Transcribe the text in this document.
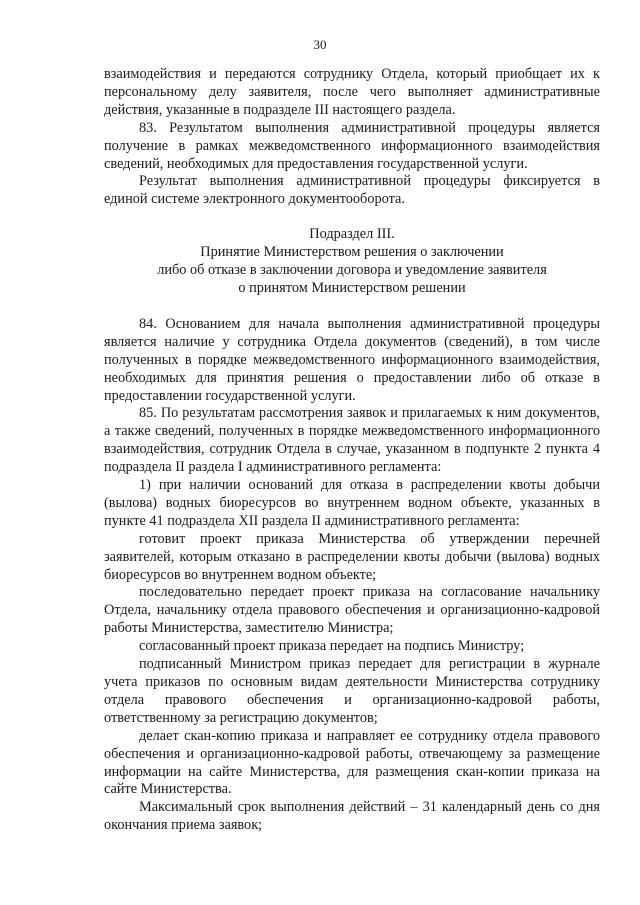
30

взаимодействия и передаются сотруднику Отдела, который приобщает их к персональному делу заявителя, после чего выполняет административные действия, указанные в подразделе III настоящего раздела.

83. Результатом выполнения административной процедуры является получение в рамках межведомственного информационного взаимодействия сведений, необходимых для предоставления государственной услуги.

Результат выполнения административной процедуры фиксируется в единой системе электронного документооборота.

Подраздел III.

Принятие Министерством решения о заключении

либо об отказе в заключении договора и уведомление заявителя

о принятом Министерством решении

84. Основанием для начала выполнения административной процедуры является наличие у сотрудника Отдела документов (сведений), в том числе полученных в порядке межведомственного информационного взаимодействия, необходимых для принятия решения о предоставлении либо об отказе в предоставлении государственной услуги.

85. По результатам рассмотрения заявок и прилагаемых к ним документов, а также сведений, полученных в порядке межведомственного информационного взаимодействия, сотрудник Отдела в случае, указанном в подпункте 2 пункта 4 подраздела II раздела I административного регламента:

1) при наличии оснований для отказа в распределении квоты добычи (вылова) водных биоресурсов во внутреннем водном объекте, указанных в пункте 41 подраздела XII раздела II административного регламента:

готовит проект приказа Министерства об утверждении перечней заявителей, которым отказано в распределении квоты добычи (вылова) водных биоресурсов во внутреннем водном объекте;

последовательно передает проект приказа на согласование начальнику Отдела, начальнику отдела правового обеспечения и организационно-кадровой работы Министерства, заместителю Министра;

согласованный проект приказа передает на подпись Министру;

подписанный Министром приказ передает для регистрации в журнале учета приказов по основным видам деятельности Министерства сотруднику отдела правового обеспечения и организационно-кадровой работы, ответственному за регистрацию документов;

делает скан-копию приказа и направляет ее сотруднику отдела правового обеспечения и организационно-кадровой работы, отвечающему за размещение информации на сайте Министерства, для размещения скан-копии приказа на сайте Министерства.

Максимальный срок выполнения действий – 31 календарный день со дня окончания приема заявок;
